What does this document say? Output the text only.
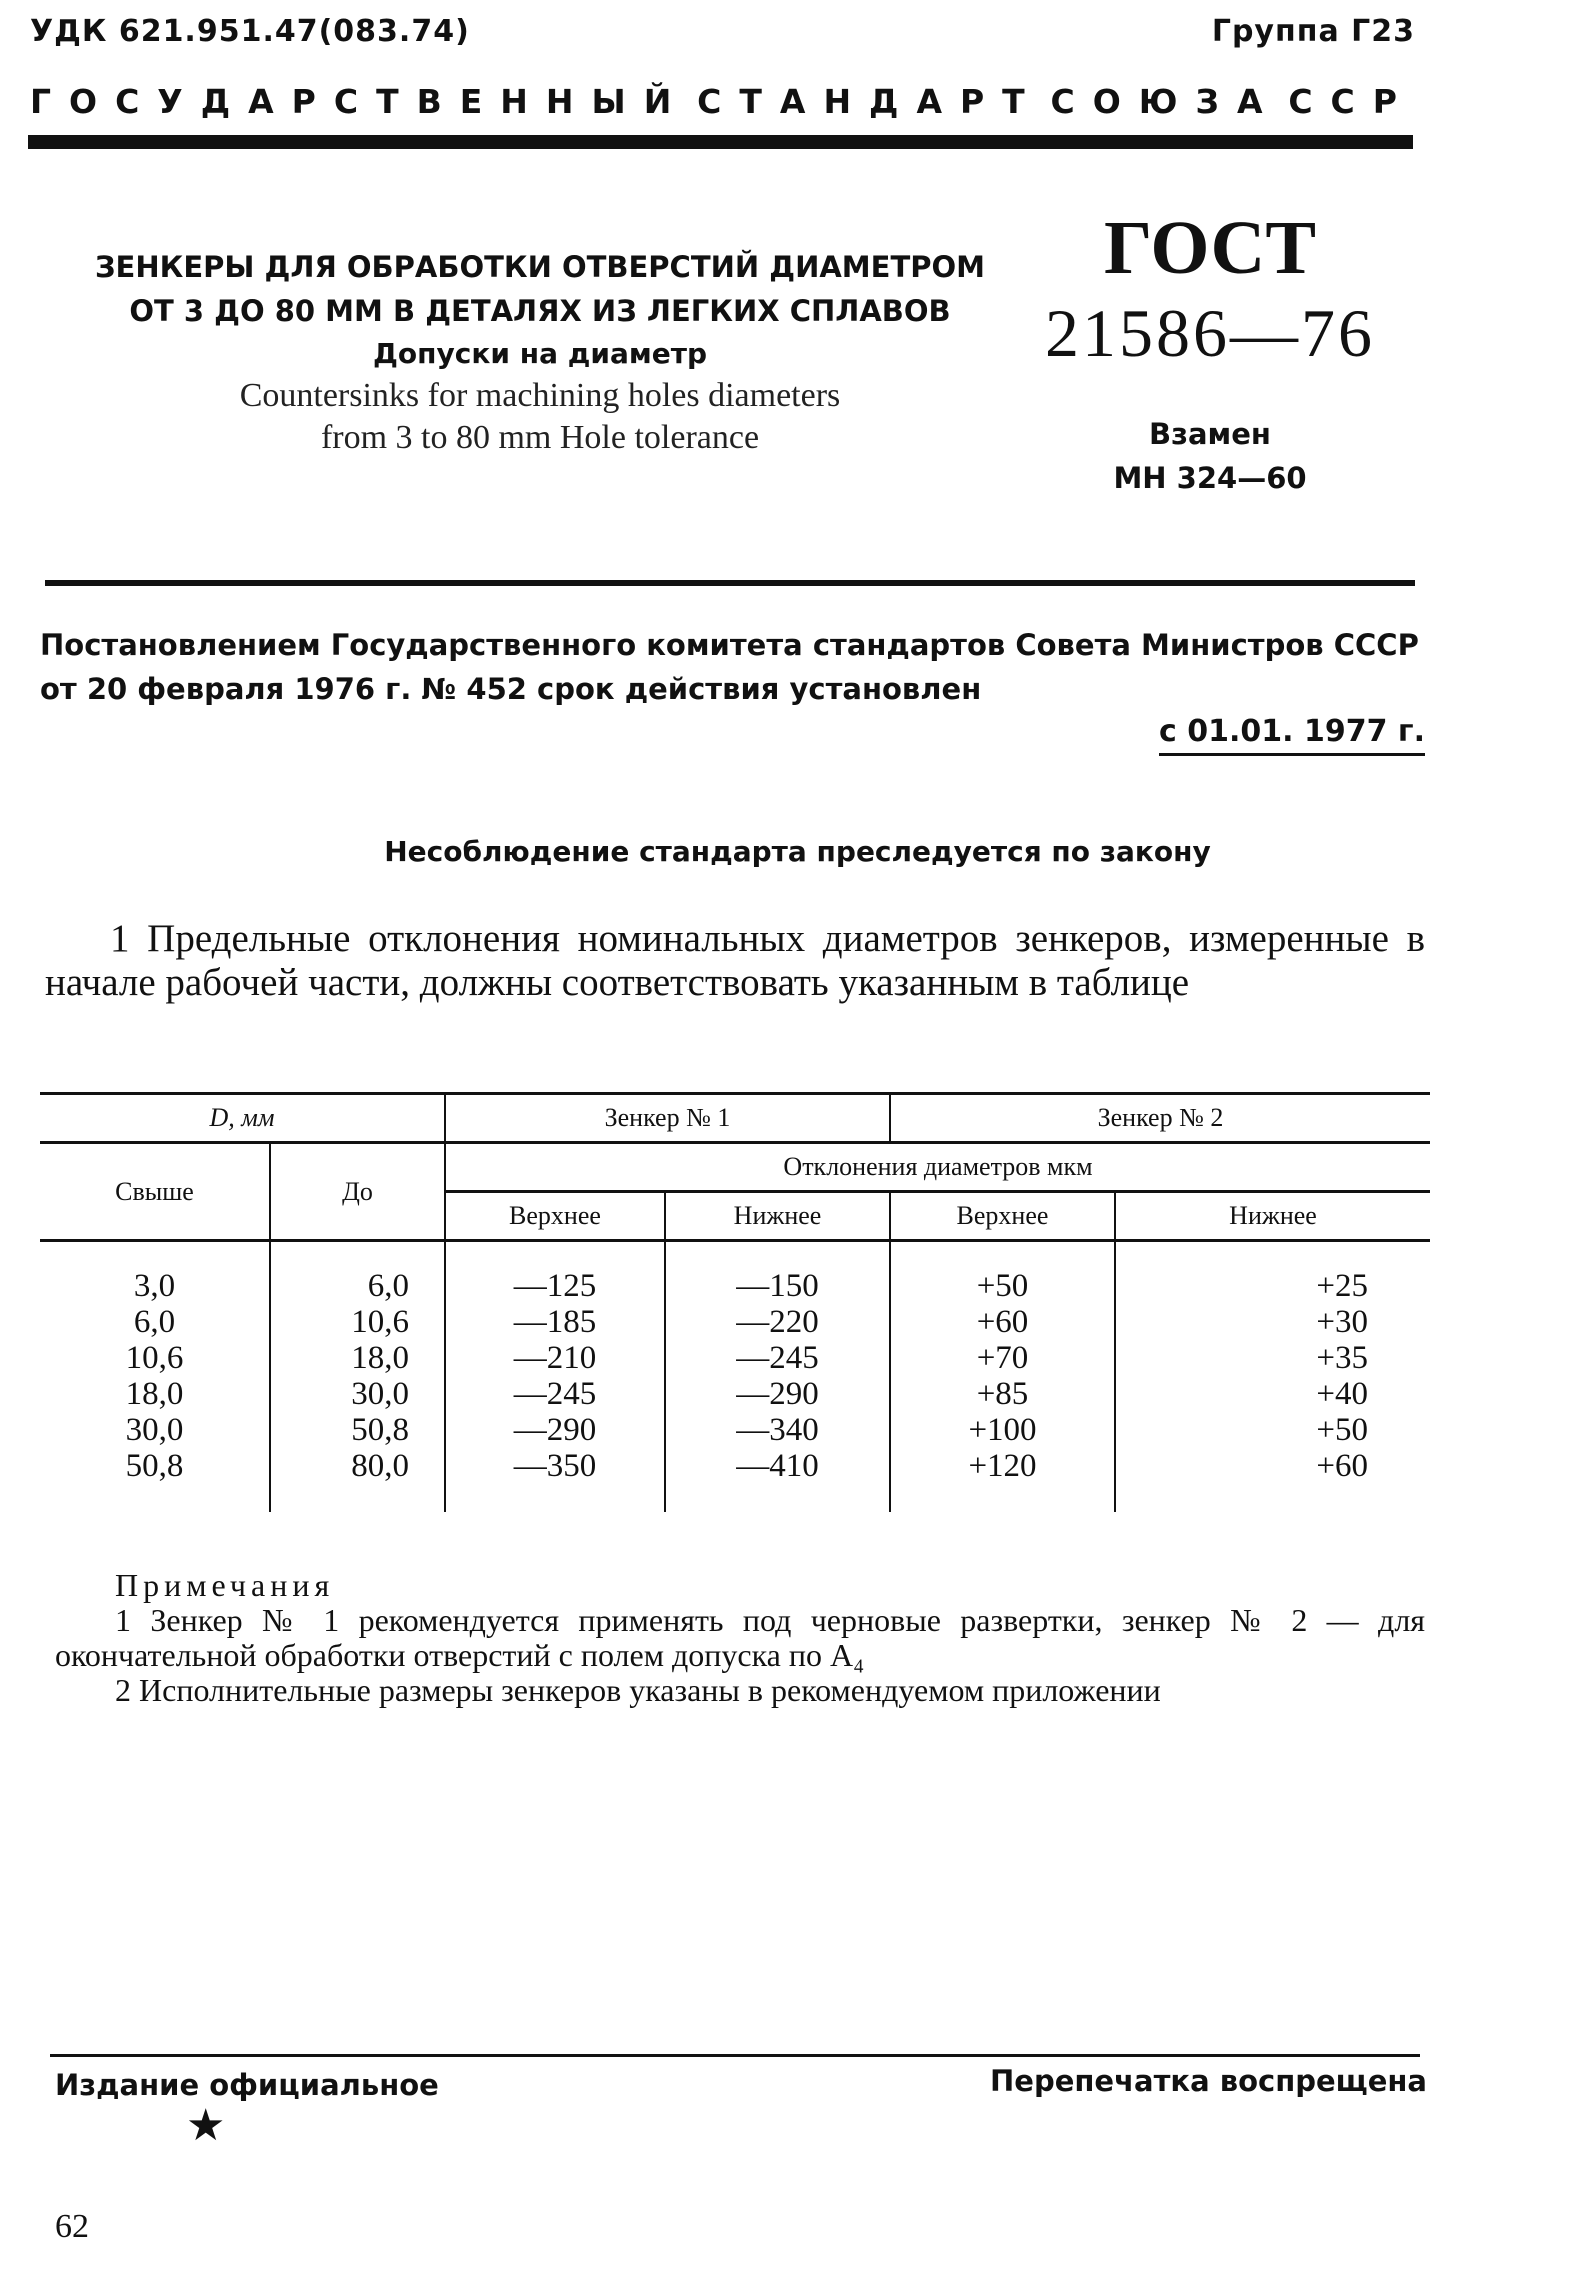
УДК 621.951.47(083.74)	Группа Г23
ГОСУДАРСТВЕННЫЙ СТАНДАРТ СОЮЗА ССР
ЗЕНКЕРЫ ДЛЯ ОБРАБОТКИ ОТВЕРСТИЙ ДИАМЕТРОМ
ОТ 3 ДО 80 ММ В ДЕТАЛЯХ ИЗ ЛЕГКИХ СПЛАВОВ
Допуски на диаметр
Countersinks for machining holes diameters
from 3 to 80 mm Hole tolerance
ГОСТ
21586—76
Взамен
МН 324—60
Постановлением Государственного комитета стандартов Совета Министров СССР от 20 февраля 1976 г. № 452 срок действия установлен
с 01.01. 1977 г.
Несоблюдение стандарта преследуется по закону
1 Предельные отклонения номинальных диаметров зенкеров, измеренные в начале рабочей части, должны соответствовать указанным в таблице
D, мм		Зенкер № 1		Зенкер № 2	
Свыше	До	Отклонения диаметров мкм			
		Верхнее	Нижнее	Верхнее	Нижнее
3,0	6,0	—125	—150	+50	+25
6,0	10,6	—185	—220	+60	+30
10,6	18,0	—210	—245	+70	+35
18,0	30,0	—245	—290	+85	+40
30,0	50,8	—290	—340	+100	+50
50,8	80,0	—350	—410	+120	+60
Примечания
1 Зенкер № 1 рекомендуется применять под черновые развертки, зенкер № 2 — для окончательной обработки отверстий с полем допуска по A₄
2 Исполнительные размеры зенкеров указаны в рекомендуемом приложении
Издание официальное	Перепечатка воспрещена
★
62
